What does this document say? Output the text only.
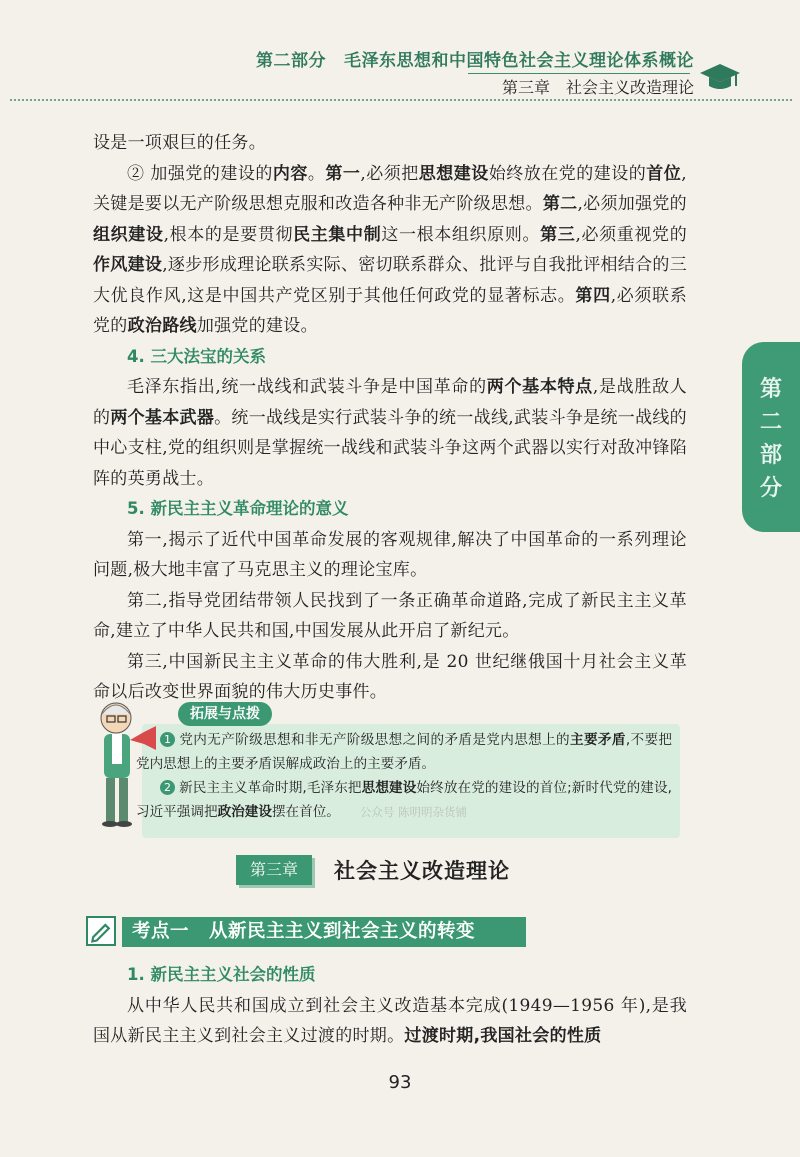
第二部分 毛泽东思想和中国特色社会主义理论体系概论
第三章 社会主义改造理论
第
二
部
分

设是一项艰巨的任务。

② 加强党的建设的内容。第一,必须把思想建设始终放在党的建设的首位,关键是要以无产阶级思想克服和改造各种非无产阶级思想。第二,必须加强党的组织建设,根本的是要贯彻民主集中制这一根本组织原则。第三,必须重视党的作风建设,逐步形成理论联系实际、密切联系群众、批评与自我批评相结合的三大优良作风,这是中国共产党区别于其他任何政党的显著标志。第四,必须联系党的政治路线加强党的建设。

4. 三大法宝的关系

毛泽东指出,统一战线和武装斗争是中国革命的两个基本特点,是战胜敌人的两个基本武器。统一战线是实行武装斗争的统一战线,武装斗争是统一战线的中心支柱,党的组织则是掌握统一战线和武装斗争这两个武器以实行对敌冲锋陷阵的英勇战士。

5. 新民主主义革命理论的意义

第一,揭示了近代中国革命发展的客观规律,解决了中国革命的一系列理论问题,极大地丰富了马克思主义的理论宝库。

第二,指导党团结带领人民找到了一条正确革命道路,完成了新民主主义革命,建立了中华人民共和国,中国发展从此开启了新纪元。

第三,中国新民主主义革命的伟大胜利,是 20 世纪继俄国十月社会主义革命以后改变世界面貌的伟大历史事件。

拓展与点拨

1 党内无产阶级思想和非无产阶级思想之间的矛盾是党内思想上的主要矛盾,不要把党内思想上的主要矛盾误解成政治上的主要矛盾。

2 新民主主义革命时期,毛泽东把思想建设始终放在党的建设的首位;新时代党的建设,习近平强调把政治建设摆在首位。 公众号 陈明明杂货铺

第三章	社会主义改造理论
考点一 从新民主主义到社会主义的转变

1. 新民主主义社会的性质

从中华人民共和国成立到社会主义改造基本完成(1949—1956 年),是我国从新民主主义到社会主义过渡的时期。过渡时期,我国社会的性质

93
